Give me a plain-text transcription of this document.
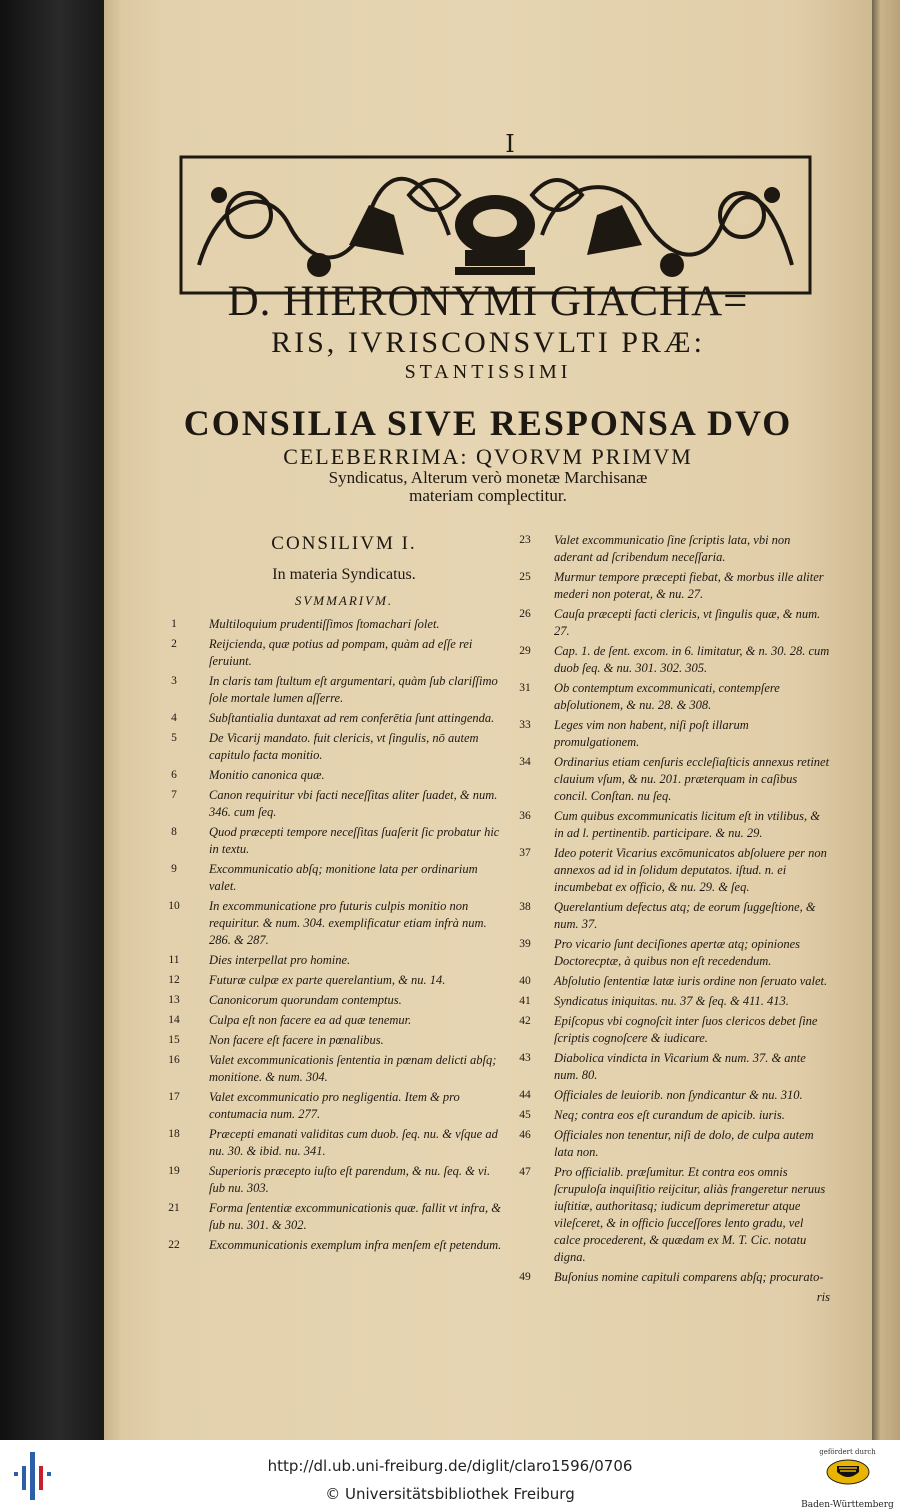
I
D. HIERONYMI GIACHA=
RIS, IVRISCONSVLTI PRÆ:
STANTISSIMI
CONSILIA SIVE RESPONSA DVO
CELEBERRIMA: QVORVM PRIMVM
Syndicatus, Alterum verò monetæ Marchisanæ
materiam complectitur.
CONSILIVM I.
In materia Syndicatus.
SVMMARIVM.
1	Multiloquium prudentiſſimos ſtomachari ſolet.
2	Reijcienda, quæ potius ad pompam, quàm ad eſſe rei ſeruiunt.
3	In claris tam ſtultum eſt argumentari, quàm ſub clariſſimo ſole mortale lumen aſſerre.
4	Subſtantialia duntaxat ad rem conferētia ſunt attingenda.
5	De Vicarij mandato. fuit clericis, vt ſingulis, nō autem capitulo facta monitio.
6	Monitio canonica quæ.
7	Canon requiritur vbi facti neceſſitas aliter ſuadet, & num. 346. cum ſeq.
8	Quod præcepti tempore neceſſitas ſuaſerit ſic probatur hic in textu.
9	Excommunicatio abſq; monitione lata per ordinarium valet.
10	In excommunicatione pro futuris culpis monitio non requiritur. & num. 304. exemplificatur etiam infrà num. 286. & 287.
11	Dies interpellat pro homine.
12	Futuræ culpæ ex parte querelantium, & nu. 14.
13	Canonicorum quorundam contemptus.
14	Culpa eſt non facere ea ad quæ tenemur.
15	Non facere eſt facere in pœnalibus.
16	Valet excommunicationis ſententia in pœnam delicti abſq; monitione. & num. 304.
17	Valet excommunicatio pro negligentia. Item & pro contumacia num. 277.
18	Præcepti emanati validitas cum duob. ſeq. nu. & vſque ad nu. 30. & ibid. nu. 341.
19	Superioris præcepto iuſto eſt parendum, & nu. ſeq. & vi. ſub nu. 303.
21	Forma ſententiæ excommunicationis quæ. fallit vt infra, & ſub nu. 301. & 302.
22	Excommunicationis exemplum infra menſem eſt petendum.
23	Valet excommunicatio ſine ſcriptis lata, vbi non aderant ad ſcribendum neceſſaria.
25	Murmur tempore præcepti fiebat, & morbus ille aliter mederi non poterat, & nu. 27.
26	Cauſa præcepti facti clericis, vt ſingulis quæ, & num. 27.
29	Cap. 1. de ſent. excom. in 6. limitatur, & n. 30. 28. cum duob ſeq. & nu. 301. 302. 305.
31	Ob contemptum excommunicati, contempſere abſolutionem, & nu. 28. & 308.
33	Leges vim non habent, niſi poſt illarum promulgationem.
34	Ordinarius etiam cenſuris eccleſiaſticis annexus retinet clauium vſum, & nu. 201. præterquam in caſibus concil. Conſtan. nu ſeq.
36	Cum quibus excommunicatis licitum eſt in vtilibus, & in ad l. pertinentib. participare. & nu. 29.
37	Ideo poterit Vicarius excōmunicatos abſoluere per non annexos ad id in ſolidum deputatos. iſtud. n. ei incumbebat ex officio, & nu. 29. & ſeq.
38	Querelantium defectus atq; de eorum ſuggeſtione, & num. 37.
39	Pro vicario ſunt deciſiones apertæ atq; opiniones Doctorecptæ, à quibus non eſt recedendum.
40	Abſolutio ſententiæ latæ iuris ordine non ſeruato valet.
41	Syndicatus iniquitas. nu. 37 & ſeq. & 411. 413.
42	Epiſcopus vbi cognoſcit inter ſuos clericos debet ſine ſcriptis cognoſcere & iudicare.
43	Diabolica vindicta in Vicarium & num. 37. & ante num. 80.
44	Officiales de leuiorib. non ſyndicantur & nu. 310.
45	Neq; contra eos eſt curandum de apicib. iuris.
46	Officiales non tenentur, niſi de dolo, de culpa autem lata non.
47	Pro officialib. præſumitur. Et contra eos omnis ſcrupuloſa inquiſitio reijcitur, aliàs frangeretur neruus iuſtitiæ, authoritasq; iudicum deprimeretur atque vileſceret, & in officio ſucceſſores lento gradu, vel calce procederent, & quædam ex M. T. Cic. notatu digna.
49	Buſonius nomine capituli comparens abſq; procurato-
ris
http://dl.ub.uni-freiburg.de/diglit/claro1596/0706
© Universitätsbibliothek Freiburg
gefördert durch
Baden-Württemberg
